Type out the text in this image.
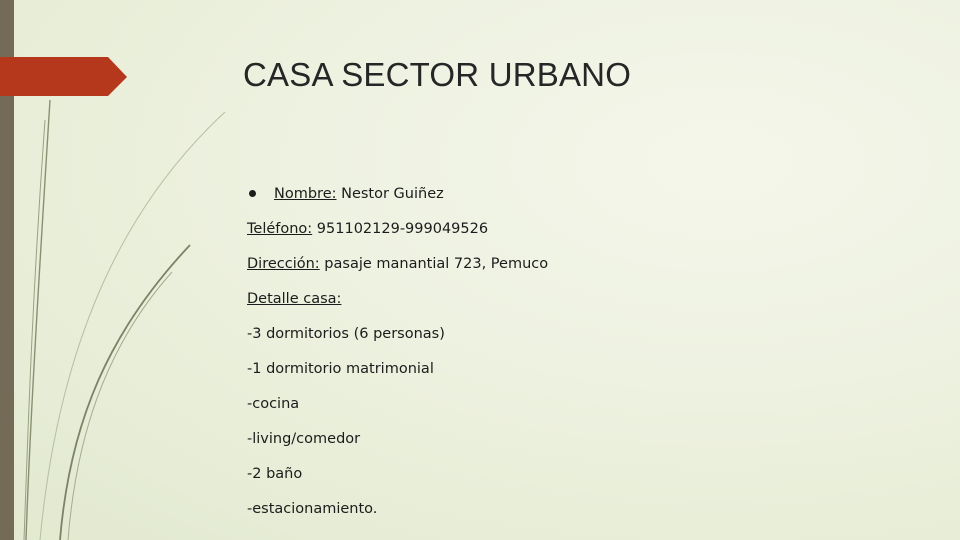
CASA SECTOR URBANO
Nombre: Nestor Guiñez
Teléfono: 951102129-999049526
Dirección: pasaje manantial 723, Pemuco
Detalle casa:
-3 dormitorios (6 personas)
-1 dormitorio matrimonial
-cocina
-living/comedor
-2 baño
-estacionamiento.
